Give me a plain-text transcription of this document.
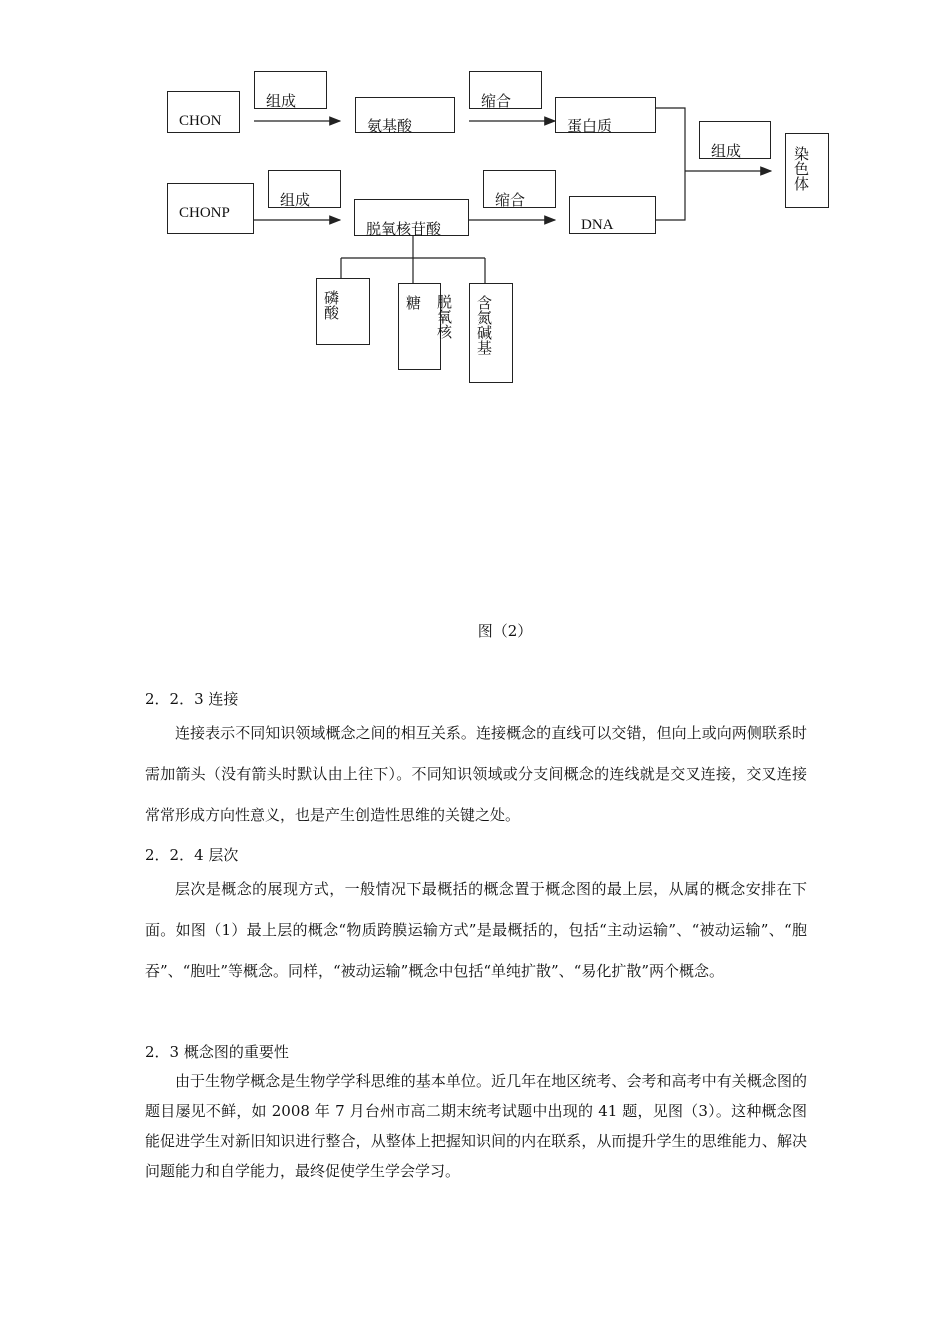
CHON
组成
氨基酸
缩合
蛋白质
组成	染色体
CHONP
组成
脱氧核苷酸
缩合
DNA
磷酸	糖 脱氧核 含氮碱基
图（2）
2．2．3 连接

连接表示不同知识领域概念之间的相互关系。连接概念的直线可以交错，但向上或向两侧联系时需加箭头（没有箭头时默认由上往下）。不同知识领域或分支间概念的连线就是交叉连接，交叉连接常常形成方向性意义，也是产生创造性思维的关键之处。

2．2．4 层次

层次是概念的展现方式，一般情况下最概括的概念置于概念图的最上层，从属的概念安排在下面。如图（1）最上层的概念“物质跨膜运输方式”是最概括的，包括“主动运输”、“被动运输”、“胞吞”、“胞吐”等概念。同样，“被动运输”概念中包括“单纯扩散”、“易化扩散”两个概念。

2．3 概念图的重要性

由于生物学概念是生物学学科思维的基本单位。近几年在地区统考、会考和高考中有关概念图的题目屡见不鲜，如 2008 年 7 月台州市高二期末统考试题中出现的 41 题，见图（3）。这种概念图能促进学生对新旧知识进行整合，从整体上把握知识间的内在联系，从而提升学生的思维能力、解决问题能力和自学能力，最终促使学生学会学习。
